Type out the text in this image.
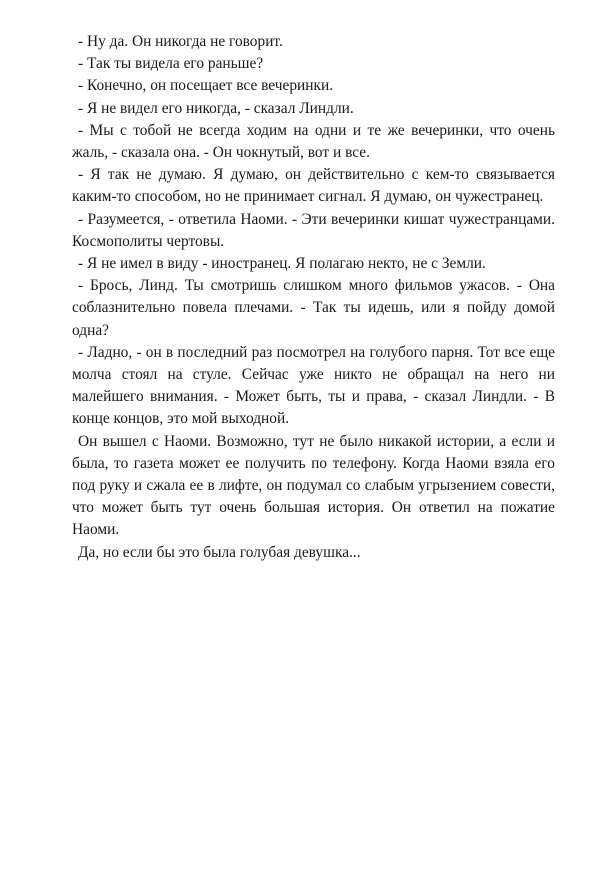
- Ну да. Он никогда не говорит.

- Так ты видела его раньше?

- Конечно, он посещает все вечеринки.

- Я не видел его никогда, - сказал Линдли.

- Мы с тобой не всегда ходим на одни и те же вечеринки, что очень жаль, - сказала она. - Он чокнутый, вот и все.

- Я так не думаю. Я думаю, он действительно с кем-то связывается каким-то способом, но не принимает сигнал. Я думаю, он чужестранец.

- Разумеется, - ответила Наоми. - Эти вечеринки кишат чужестранцами. Космополиты чертовы.

- Я не имел в виду - иностранец. Я полагаю некто, не с Земли.

- Брось, Линд. Ты смотришь слишком много фильмов ужасов. - Она соблазнительно повела плечами. - Так ты идешь, или я пойду домой одна?

- Ладно, - он в последний раз посмотрел на голубого парня. Тот все еще молча стоял на стуле. Сейчас уже никто не обращал на него ни малейшего внимания. - Может быть, ты и права, - сказал Линдли. - В конце концов, это мой выходной.

Он вышел с Наоми. Возможно, тут не было никакой истории, а если и была, то газета может ее получить по телефону. Когда Наоми взяла его под руку и сжала ее в лифте, он подумал со слабым угрызением совести, что может быть тут очень большая история. Он ответил на пожатие Наоми.

Да, но если бы это была голубая девушка...
